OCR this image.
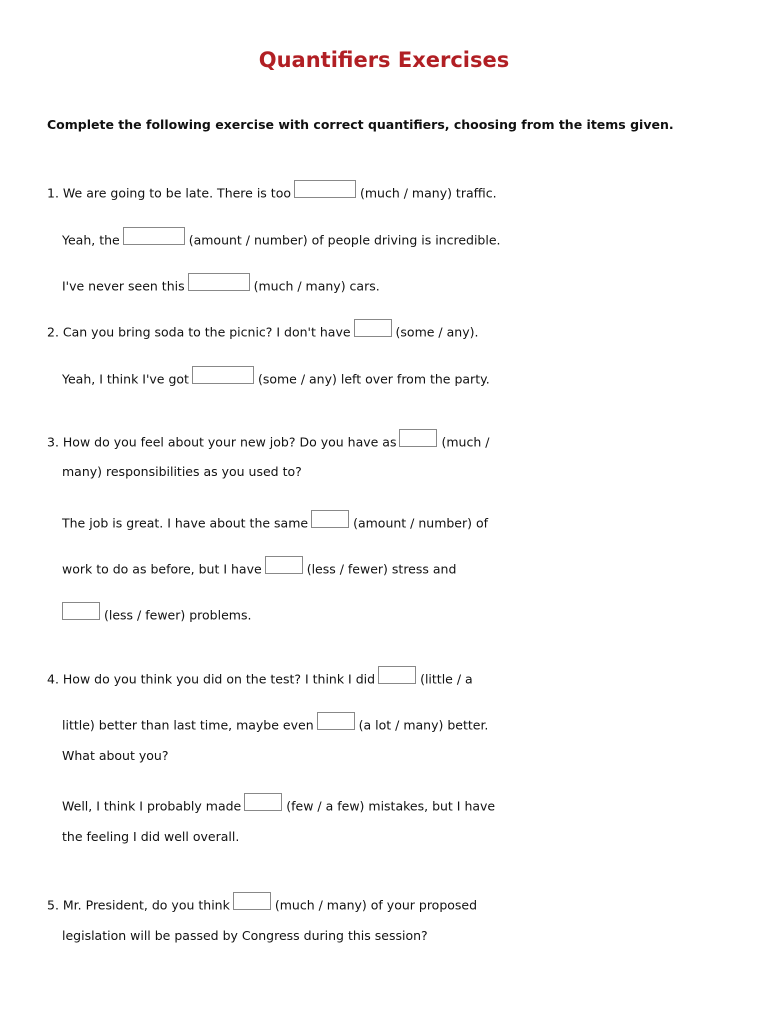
Quantifiers Exercises
Complete the following exercise with correct quantifiers, choosing from the items given.
1. We are going to be late. There is too	(much / many) traffic.
Yeah, the	(amount / number) of people driving is incredible.
I've never seen this	(much / many) cars.
2. Can you bring soda to the picnic? I don't have	(some / any).
Yeah, I think I've got	(some / any) left over from the party.
3. How do you feel about your new job? Do you have as	(much /
many) responsibilities as you used to?
The job is great. I have about the same	(amount / number) of
work to do as before, but I have	(less / fewer) stress and
(less / fewer) problems.
4. How do you think you did on the test? I think I did	(little / a
little) better than last time, maybe even	(a lot / many) better.
What about you?
Well, I think I probably made	(few / a few) mistakes, but I have
the feeling I did well overall.
5. Mr. President, do you think	(much / many) of your proposed
legislation will be passed by Congress during this session?
